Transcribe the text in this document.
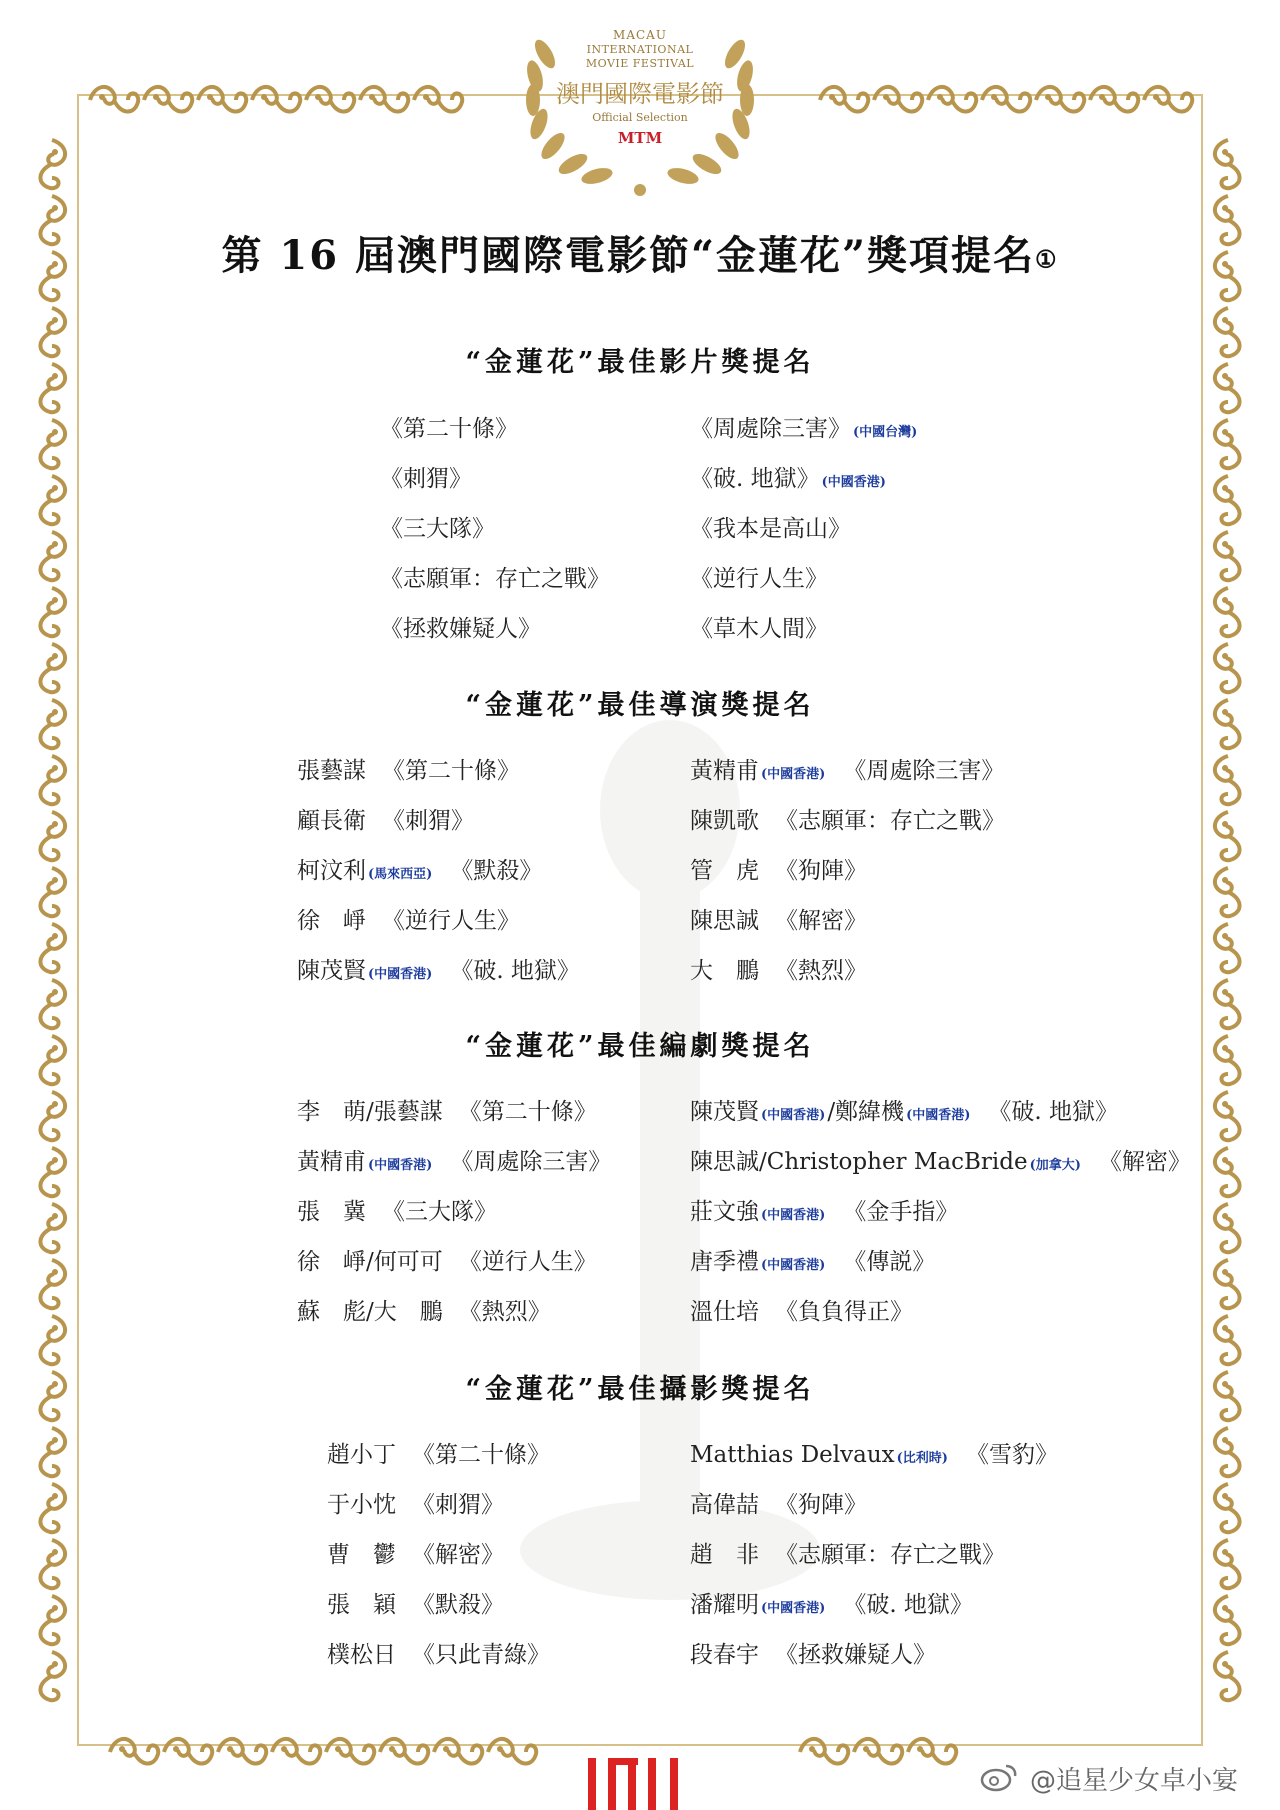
MACAU
INTERNATIONAL
MOVIE FESTIVAL
澳門國際電影節
Official Selection
MTM
第 16 屆澳門國際電影節“金蓮花”獎項提名①
“金蓮花”最佳影片獎提名
《第二十條》
《刺猬》
《三大隊》
《志願軍：存亡之戰》
《拯救嫌疑人》
《周處除三害》 (中國台灣)
《破. 地獄》 (中國香港)
《我本是高山》
《逆行人生》
《草木人間》
“金蓮花”最佳導演獎提名
張藝謀 《第二十條》
顧長衛 《刺猬》
柯汶利 (馬來西亞) 《默殺》
徐　崢 《逆行人生》
陳茂賢 (中國香港) 《破. 地獄》
黃精甫 (中國香港) 《周處除三害》
陳凱歌 《志願軍：存亡之戰》
管　虎 《狗陣》
陳思誠 《解密》
大　鵬 《熱烈》
“金蓮花”最佳編劇獎提名
李　萌/張藝謀 《第二十條》
黃精甫 (中國香港) 《周處除三害》
張　冀 《三大隊》
徐　崢/何可可 《逆行人生》
蘇　彪/大　鵬 《熱烈》
陳茂賢 (中國香港)/鄭緯機 (中國香港) 《破. 地獄》
陳思誠/Christopher MacBride (加拿大) 《解密》
莊文強 (中國香港) 《金手指》
唐季禮 (中國香港) 《傳説》
溫仕培 《負負得正》
“金蓮花”最佳攝影獎提名
趙小丁 《第二十條》
于小忱 《刺猬》
曹　鬱 《解密》
張　穎 《默殺》
樸松日 《只此青綠》
Matthias Delvaux (比利時) 《雪豹》
高偉喆 《狗陣》
趙　非 《志願軍：存亡之戰》
潘耀明 (中國香港) 《破. 地獄》
段春宇 《拯救嫌疑人》
@追星少女卓小宴
